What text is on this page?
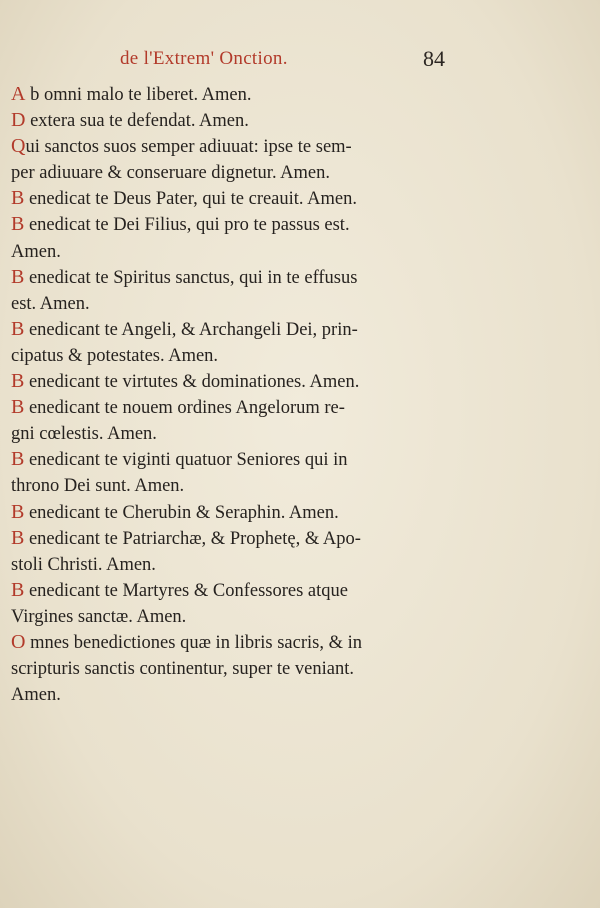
de l'Extrem' Onction.	84
A b omni malo te liberet. Amen.
D extera sua te defendat. Amen.
Qui sanctos suos semper adiuuat: ipse te sem-
per adiuuare & conseruare dignetur. Amen.
B enedicat te Deus Pater, qui te creauit. Amen.
B enedicat te Dei Filius, qui pro te passus est.
Amen.
B enedicat te Spiritus sanctus, qui in te effusus
est. Amen.
B enedicant te Angeli, & Archangeli Dei, prin-
cipatus & potestates. Amen.
B enedicant te virtutes & dominationes. Amen.
B enedicant te nouem ordines Angelorum re-
gni cœlestis. Amen.
B enedicant te viginti quatuor Seniores qui in
throno Dei sunt. Amen.
B enedicant te Cherubin & Seraphin. Amen.
B enedicant te Patriarchæ, & Prophetę, & Apo-
stoli Christi. Amen.
B enedicant te Martyres & Confessores atque
Virgines sanctæ. Amen.
O mnes benedictiones quæ in libris sacris, & in
scripturis sanctis continentur, super te veniant.
Amen.
